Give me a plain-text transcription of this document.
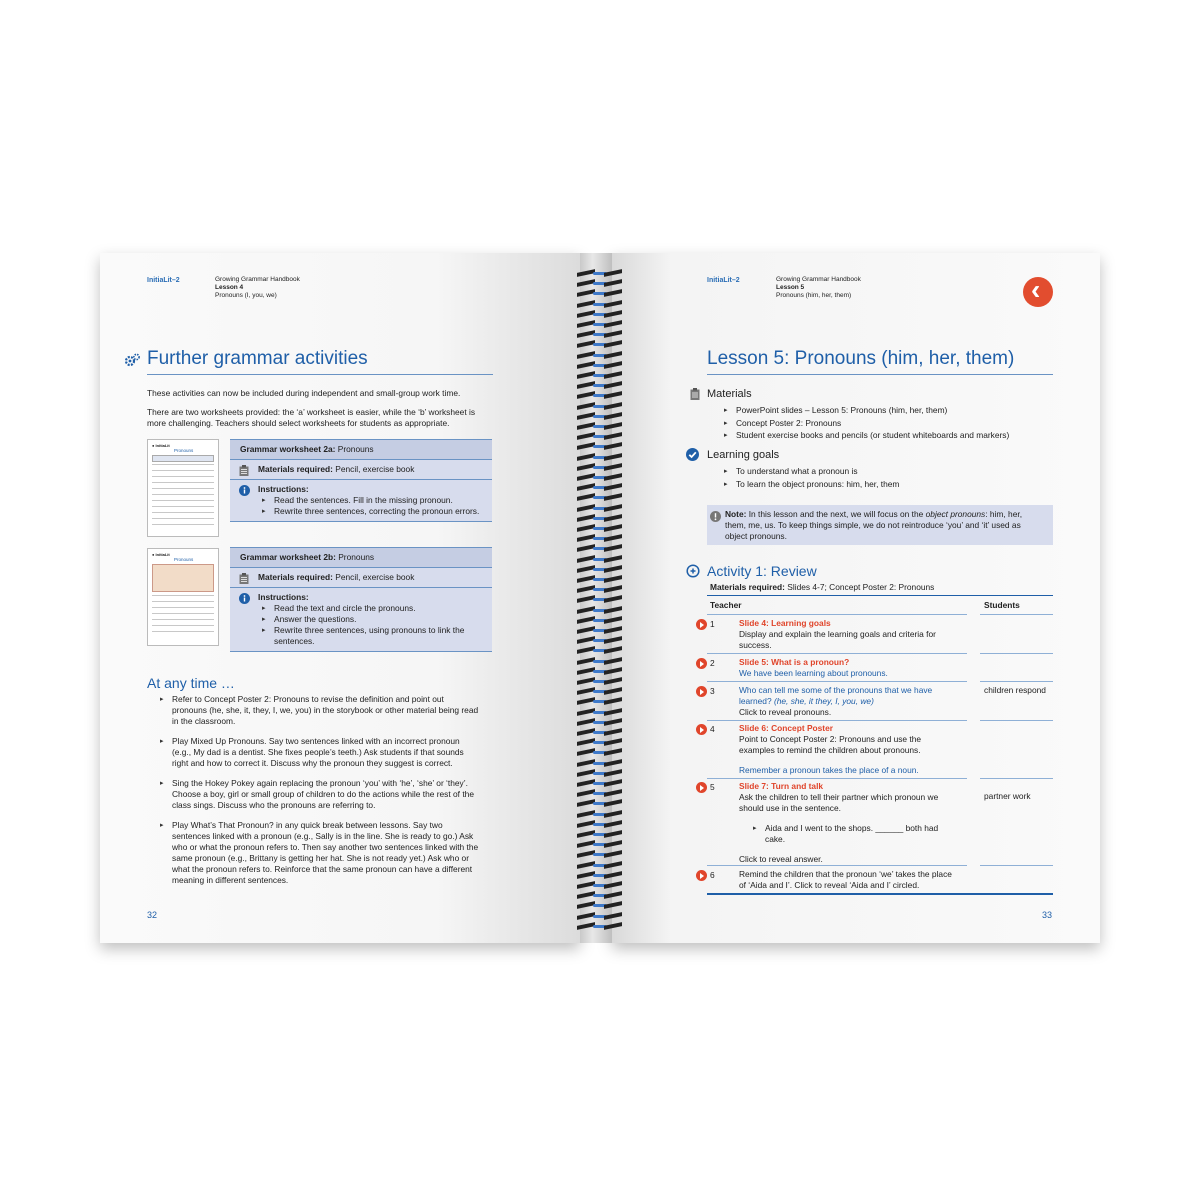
InitiaLit–2	Growing Grammar Handbook
Lesson 4
Pronouns (I, you, we)
Further grammar activities
These activities can now be included during independent and small-group work time.
There are two worksheets provided: the ‘a’ worksheet is easier, while the ‘b’ worksheet is
more challenging. Teachers should select worksheets for students as appropriate.
● InitiaLit
Pronouns	Grammar worksheet 2a: Pronouns
Materials required: Pencil, exercise book
Instructions:
▸ Read the sentences. Fill in the missing pronoun.
▸ Rewrite three sentences, correcting the pronoun errors.
● InitiaLit
Pronouns	Grammar worksheet 2b: Pronouns
Materials required: Pencil, exercise book
Instructions:
▸ Read the text and circle the pronouns.
▸ Answer the questions.
▸ Rewrite three sentences, using pronouns to link the
sentences.
At any time …
▸ Refer to Concept Poster 2: Pronouns to revise the definition and point out
pronouns (he, she, it, they, I, we, you) in the storybook or other material being read
in the classroom.
▸ Play Mixed Up Pronouns. Say two sentences linked with an incorrect pronoun
(e.g., My dad is a dentist. She fixes people’s teeth.) Ask students if that sounds
right and how to correct it. Discuss why the pronoun they suggest is correct.
▸ Sing the Hokey Pokey again replacing the pronoun ‘you’ with ‘he’, ‘she’ or ‘they’.
Choose a boy, girl or small group of children to do the actions while the rest of the
class sings. Discuss who the pronouns are referring to.
▸ Play What’s That Pronoun? in any quick break between lessons. Say two
sentences linked with a pronoun (e.g., Sally is in the line. She is ready to go.) Ask
who or what the pronoun refers to. Then say another two sentences linked with the
same pronoun (e.g., Brittany is getting her hat. She is not ready yet.) Ask who or
what the pronoun refers to. Reinforce that the same pronoun can have a different
meaning in different sentences.
32
InitiaLit–2	Growing Grammar Handbook
Lesson 5
Pronouns (him, her, them)	‹
Lesson 5: Pronouns (him, her, them)
Materials
▸ PowerPoint slides – Lesson 5: Pronouns (him, her, them)
▸ Concept Poster 2: Pronouns
▸ Student exercise books and pencils (or student whiteboards and markers)
Learning goals
▸ To understand what a pronoun is
▸ To learn the object pronouns: him, her, them
Note: In this lesson and the next, we will focus on the object pronouns: him, her,
them, me, us. To keep things simple, we do not reintroduce ‘you’ and ‘it’ used as
object pronouns.
Activity 1: Review
Materials required: Slides 4-7; Concept Poster 2: Pronouns
Teacher	Students
1	Slide 4: Learning goals
Display and explain the learning goals and criteria for
success.
2	Slide 5: What is a pronoun?
We have been learning about pronouns.
3	Who can tell me some of the pronouns that we have
learned? (he, she, it they, I, you, we)
Click to reveal pronouns.
children respond
4	Slide 6: Concept Poster
Point to Concept Poster 2: Pronouns and use the
examples to remind the children about pronouns.
Remember a pronoun takes the place of a noun.
5	Slide 7: Turn and talk
Ask the children to tell their partner which pronoun we
should use in the sentence.
▸ Aida and I went to the shops. ______ both had
cake.
Click to reveal answer.
partner work
6	Remind the children that the pronoun ‘we’ takes the place
of ‘Aida and I’. Click to reveal ‘Aida and I’ circled.
33
